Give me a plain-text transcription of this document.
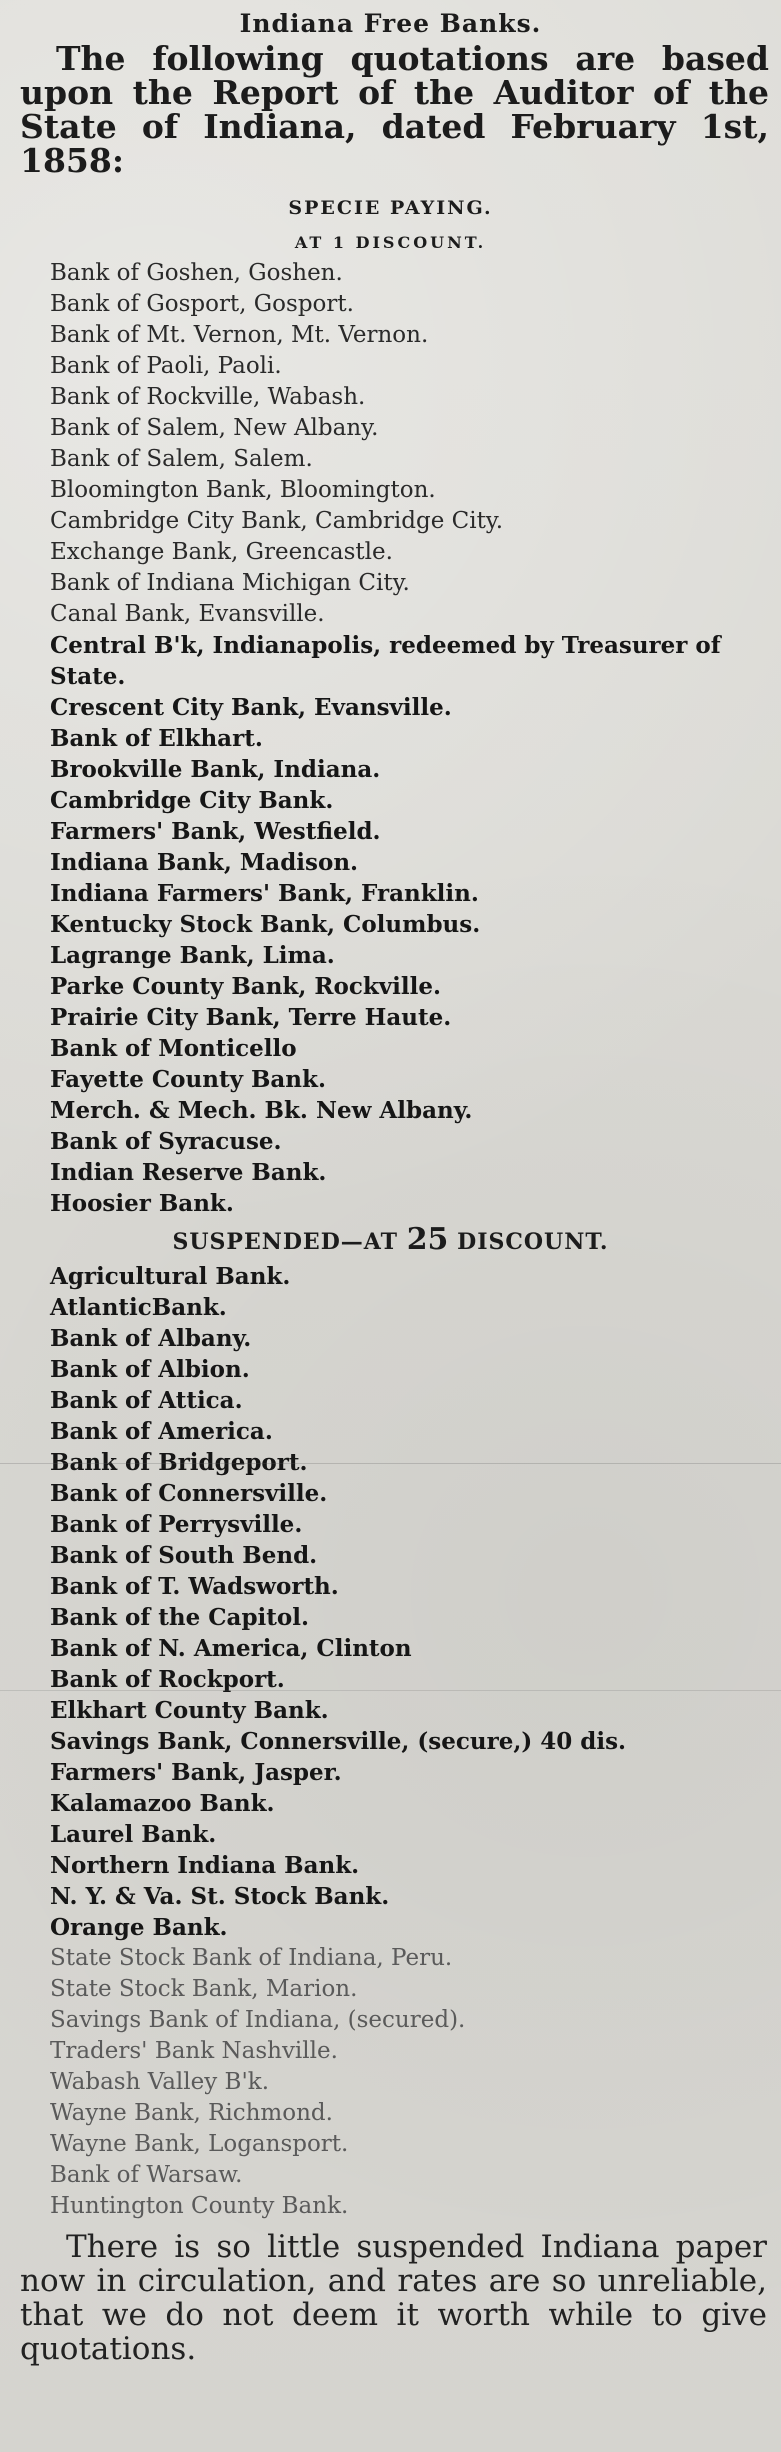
Indiana Free Banks.
The following quotations are based upon the Report of the Auditor of the State of Indiana, dated February 1st, 1858:
SPECIE PAYING.
AT 1 DISCOUNT.
Bank of Goshen, Goshen.
Bank of Gosport, Gosport.
Bank of Mt. Vernon, Mt. Vernon.
Bank of Paoli, Paoli.
Bank of Rockville, Wabash.
Bank of Salem, New Albany.
Bank of Salem, Salem.
Bloomington Bank, Bloomington.
Cambridge City Bank, Cambridge City.
Exchange Bank, Greencastle.
Bank of Indiana Michigan City.
Canal Bank, Evansville.
Central B'k, Indianapolis, redeemed by Treasurer of State.
Crescent City Bank, Evansville.
Bank of Elkhart.
Brookville Bank, Indiana.
Cambridge City Bank.
Farmers' Bank, Westfield.
Indiana Bank, Madison.
Indiana Farmers' Bank, Franklin.
Kentucky Stock Bank, Columbus.
Lagrange Bank, Lima.
Parke County Bank, Rockville.
Prairie City Bank, Terre Haute.
Bank of Monticello
Fayette County Bank.
Merch. & Mech. Bk. New Albany.
Bank of Syracuse.
Indian Reserve Bank.
Hoosier Bank.
SUSPENDED—AT 25 DISCOUNT.
Agricultural Bank.
AtlanticBank.
Bank of Albany.
Bank of Albion.
Bank of Attica.
Bank of America.
Bank of Bridgeport.
Bank of Connersville.
Bank of Perrysville.
Bank of South Bend.
Bank of T. Wadsworth.
Bank of the Capitol.
Bank of N. America, Clinton
Bank of Rockport.
Elkhart County Bank.
Savings Bank, Connersville, (secure,) 40 dis.
Farmers' Bank, Jasper.
Kalamazoo Bank.
Laurel Bank.
Northern Indiana Bank.
N. Y. & Va. St. Stock Bank.
Orange Bank.
State Stock Bank of Indiana, Peru.
State Stock Bank, Marion.
Savings Bank of Indiana, (secured).
Traders' Bank Nashville.
Wabash Valley B'k.
Wayne Bank, Richmond.
Wayne Bank, Logansport.
Bank of Warsaw.
Huntington County Bank.
There is so little suspended Indiana paper now in circulation, and rates are so unreliable, that we do not deem it worth while to give quotations.
